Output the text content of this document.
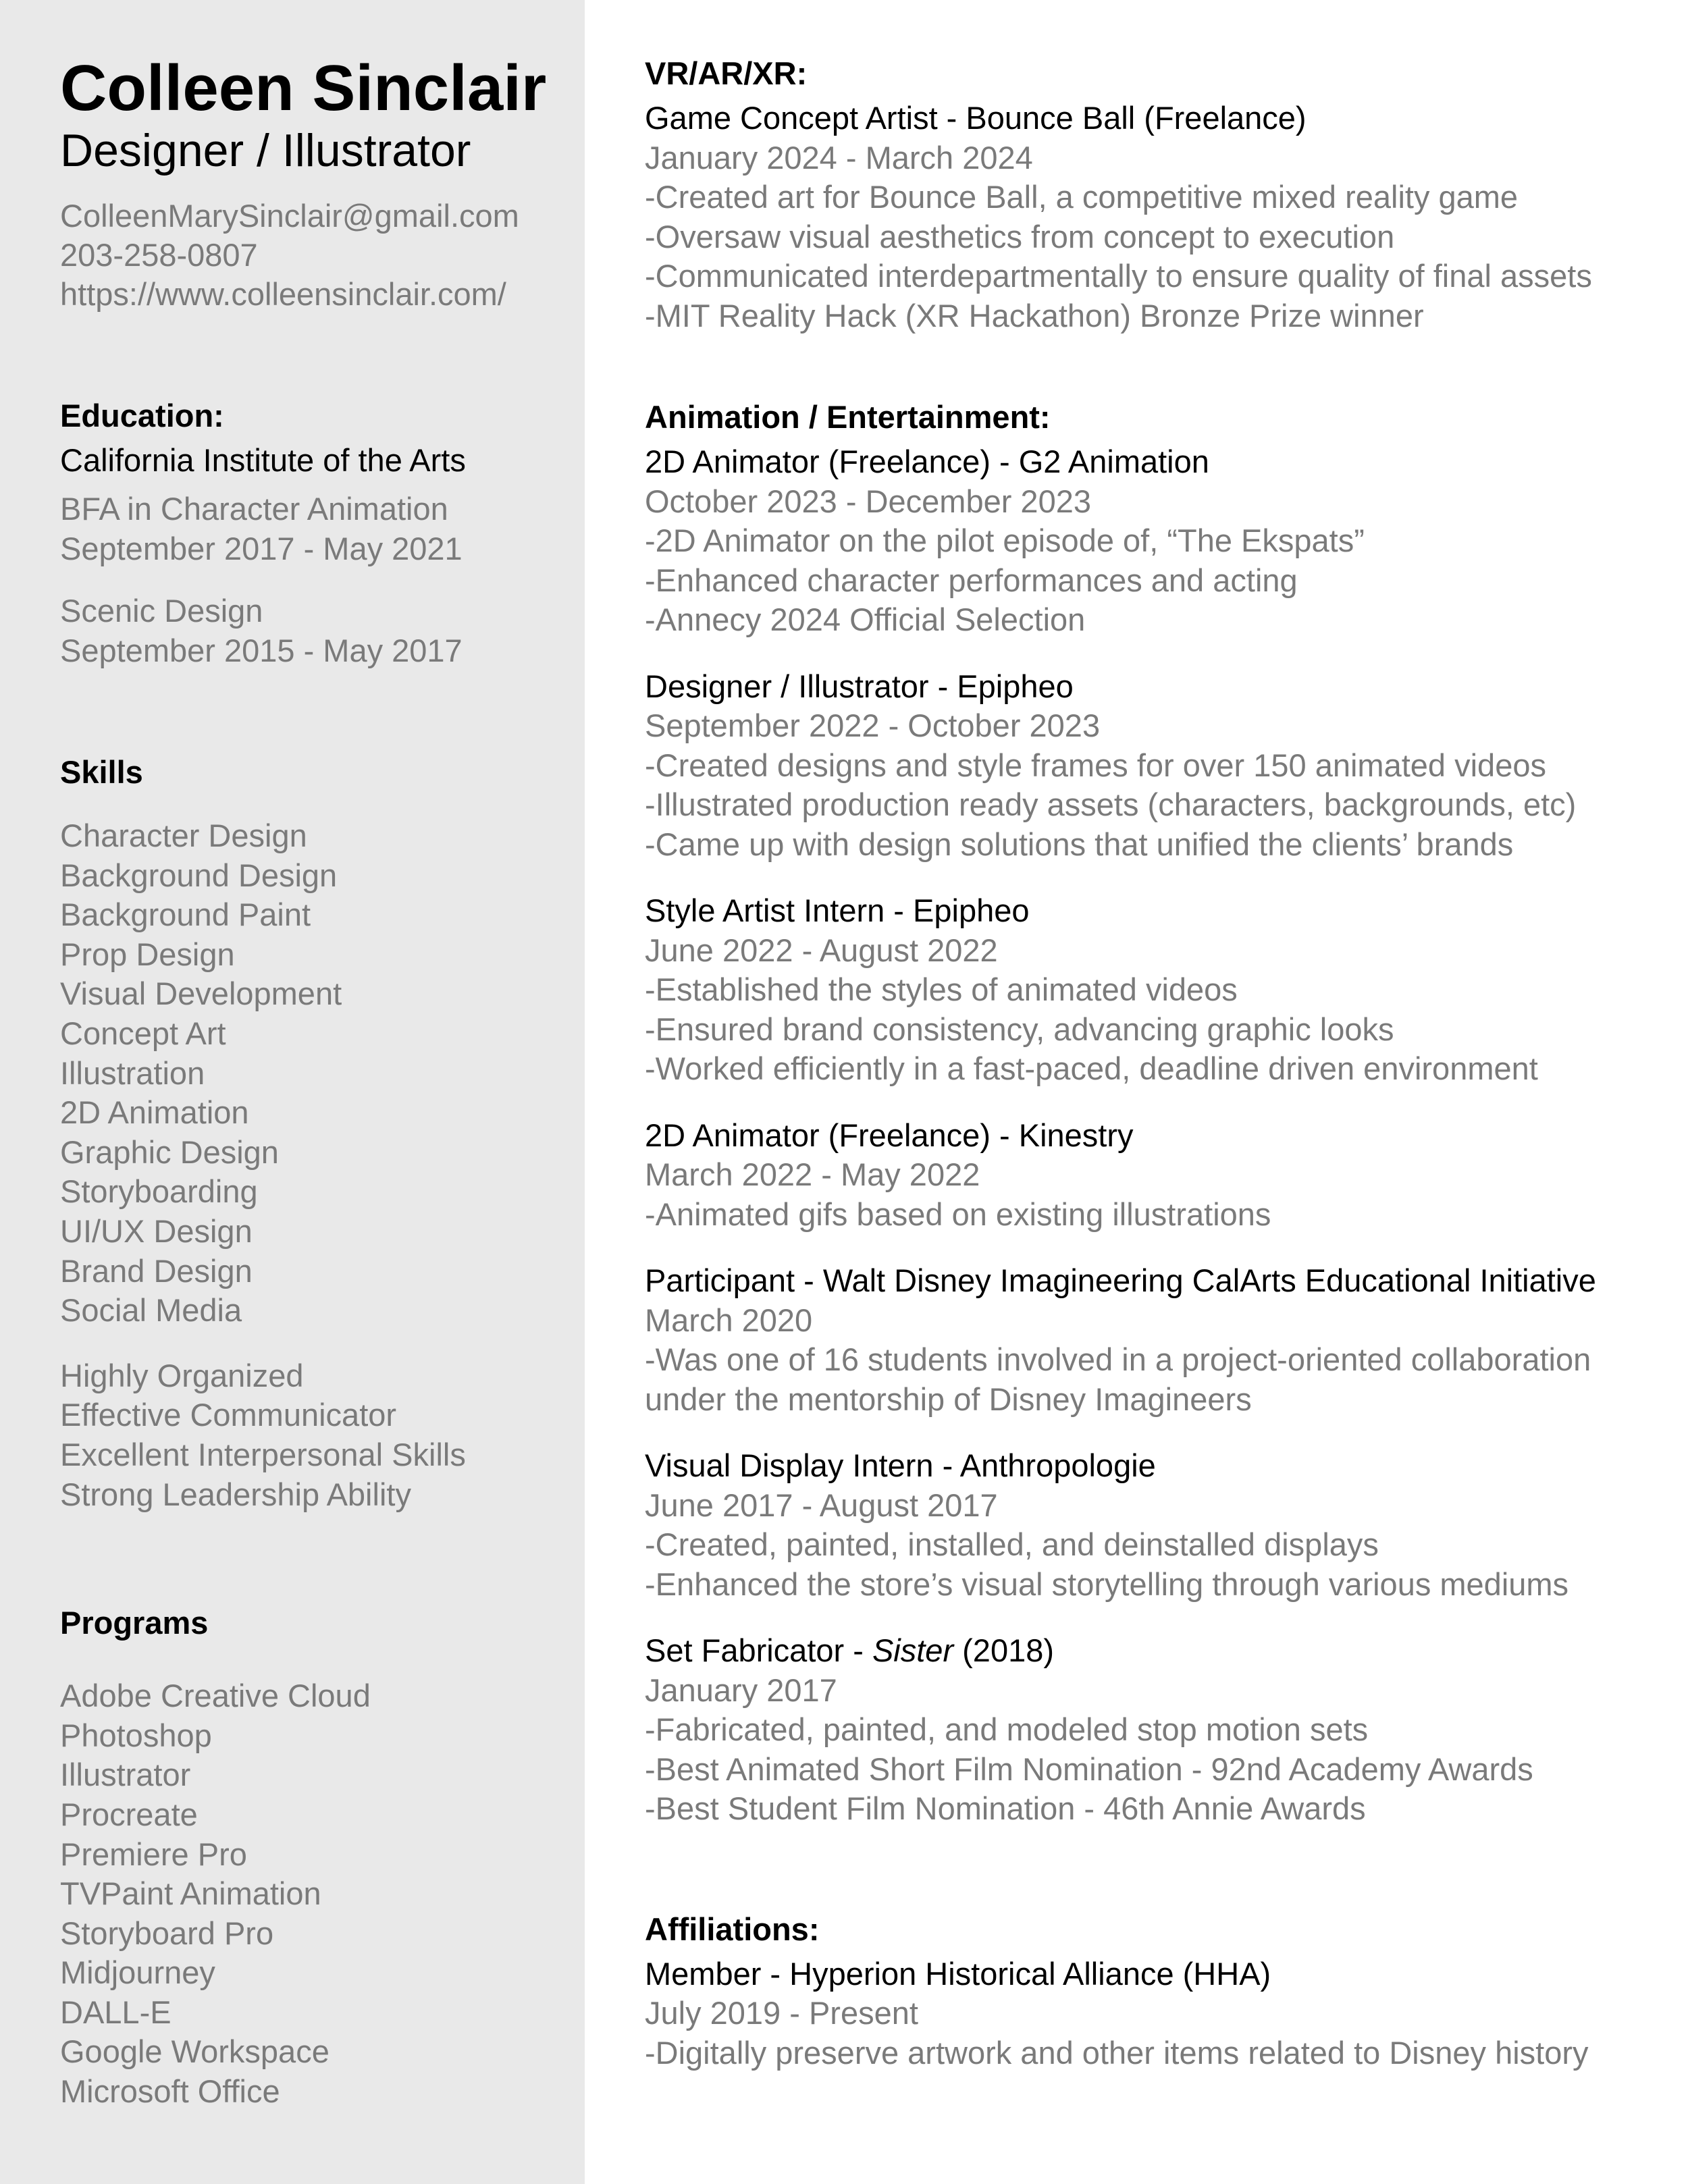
Colleen Sinclair
Designer / Illustrator
ColleenMarySinclair@gmail.com
203-258-0807
https://www.colleensinclair.com/
Education:
California Institute of the Arts
BFA in Character Animation
September 2017 - May 2021
Scenic Design
September 2015 - May 2017
Skills
Character Design
Background Design
Background Paint
Prop Design
Visual Development
Concept Art
Illustration
2D Animation
Graphic Design
Storyboarding
UI/UX Design
Brand Design
Social Media
Highly Organized
Effective Communicator
Excellent Interpersonal Skills
Strong Leadership Ability
Programs
Adobe Creative Cloud
Photoshop
Illustrator
Procreate
Premiere Pro
TVPaint Animation
Storyboard Pro
Midjourney
DALL-E
Google Workspace
Microsoft Office
VR/AR/XR:
Game Concept Artist - Bounce Ball (Freelance)
January 2024 - March 2024
-Created art for Bounce Ball, a competitive mixed reality game
-Oversaw visual aesthetics from concept to execution
-Communicated interdepartmentally to ensure quality of final assets
-MIT Reality Hack (XR Hackathon) Bronze Prize winner
Animation / Entertainment:
2D Animator (Freelance) - G2 Animation
October 2023 - December 2023
-2D Animator on the pilot episode of, “The Ekspats”
-Enhanced character performances and acting
-Annecy 2024 Official Selection
Designer / Illustrator - Epipheo
September 2022 - October 2023
-Created designs and style frames for over 150 animated videos
-Illustrated production ready assets (characters, backgrounds, etc)
-Came up with design solutions that unified the clients’ brands
Style Artist Intern - Epipheo
June 2022 - August 2022
-Established the styles of animated videos
-Ensured brand consistency, advancing graphic looks
-Worked efficiently in a fast-paced, deadline driven environment
2D Animator (Freelance) - Kinestry
March 2022 - May 2022
-Animated gifs based on existing illustrations
Participant - Walt Disney Imagineering CalArts Educational Initiative
March 2020
-Was one of 16 students involved in a project-oriented collaboration
under the mentorship of Disney Imagineers
Visual Display Intern - Anthropologie
June 2017 - August 2017
-Created, painted, installed, and deinstalled displays
-Enhanced the store’s visual storytelling through various mediums
Set Fabricator - Sister (2018)
January 2017
-Fabricated, painted, and modeled stop motion sets
-Best Animated Short Film Nomination - 92nd Academy Awards
-Best Student Film Nomination - 46th Annie Awards
Affiliations:
Member - Hyperion Historical Alliance (HHA)
July 2019 - Present
-Digitally preserve artwork and other items related to Disney history
